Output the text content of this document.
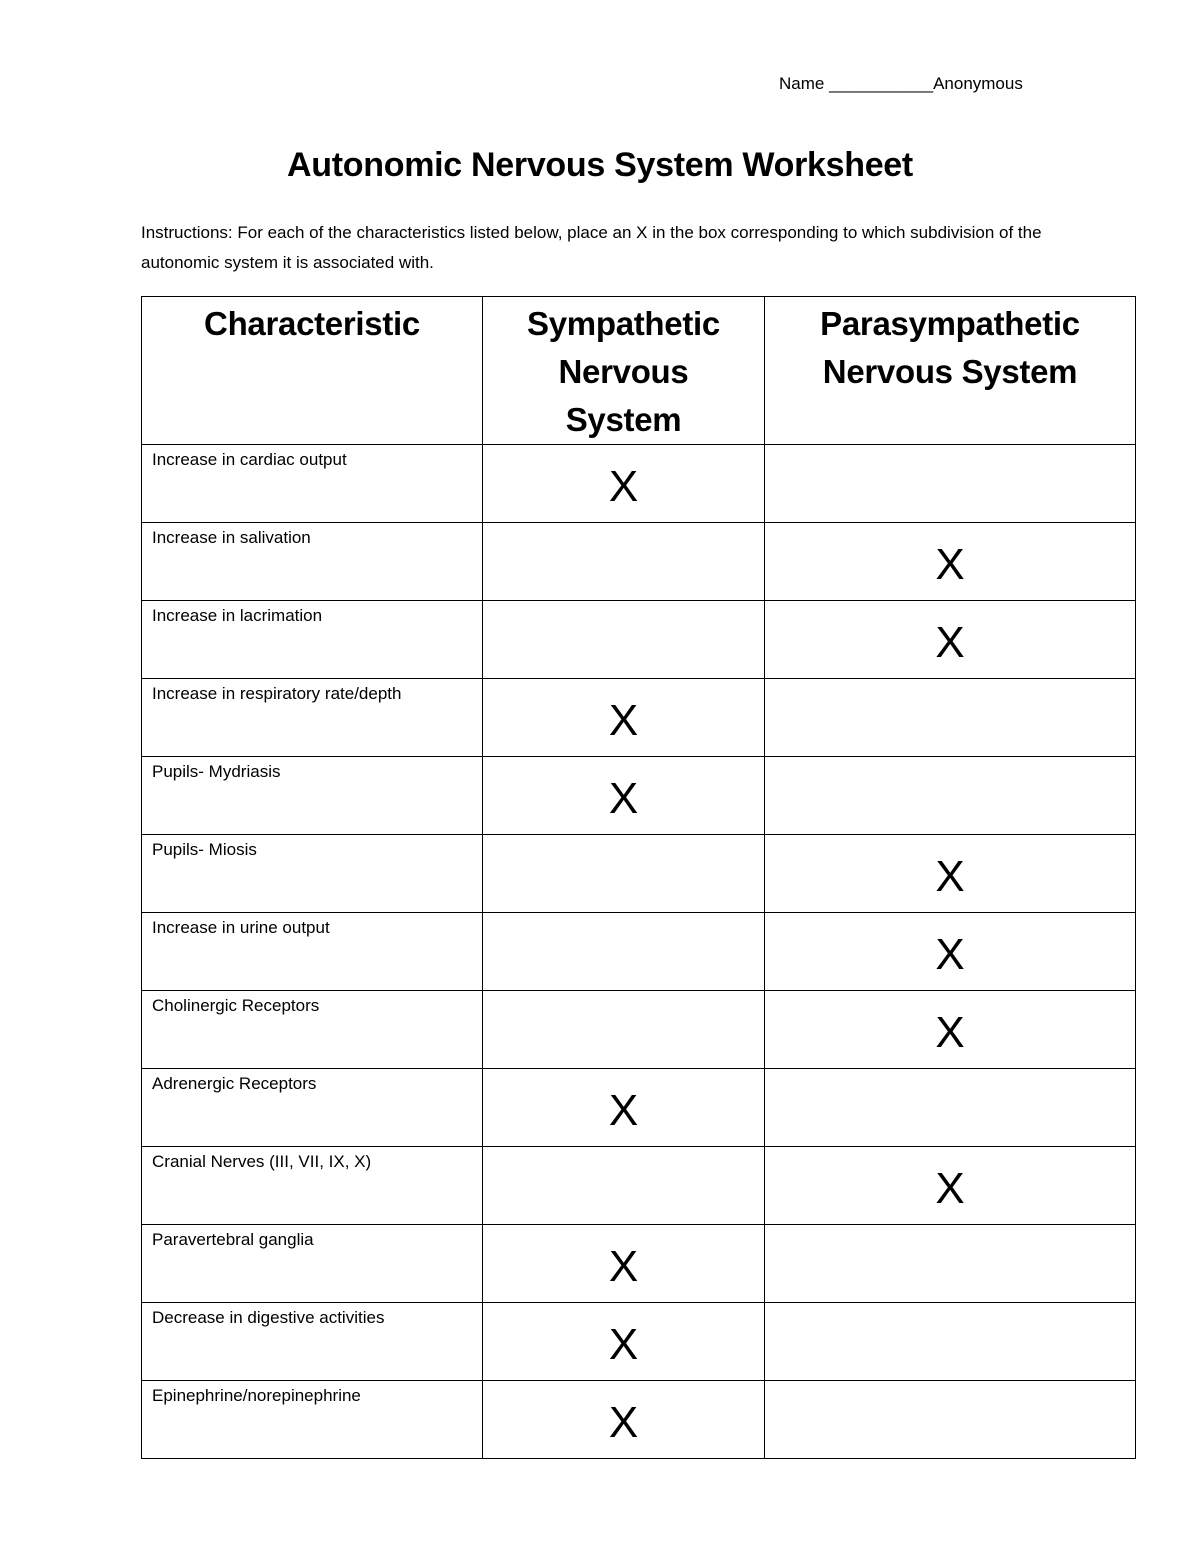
Name ___________Anonymous
Autonomic Nervous System Worksheet

Instructions: For each of the characteristics listed below, place an X in the box corresponding to which subdivision of the autonomic system it is associated with.

Characteristic	Sympathetic Nervous System	Parasympathetic Nervous System
Increase in cardiac output	X	
Increase in salivation		X
Increase in lacrimation		X
Increase in respiratory rate/depth	X	
Pupils- Mydriasis	X	
Pupils- Miosis		X
Increase in urine output		X
Cholinergic Receptors		X
Adrenergic Receptors	X	
Cranial Nerves (III, VII, IX, X)		X
Paravertebral ganglia	X	
Decrease in digestive activities	X	
Epinephrine/norepinephrine	X	
